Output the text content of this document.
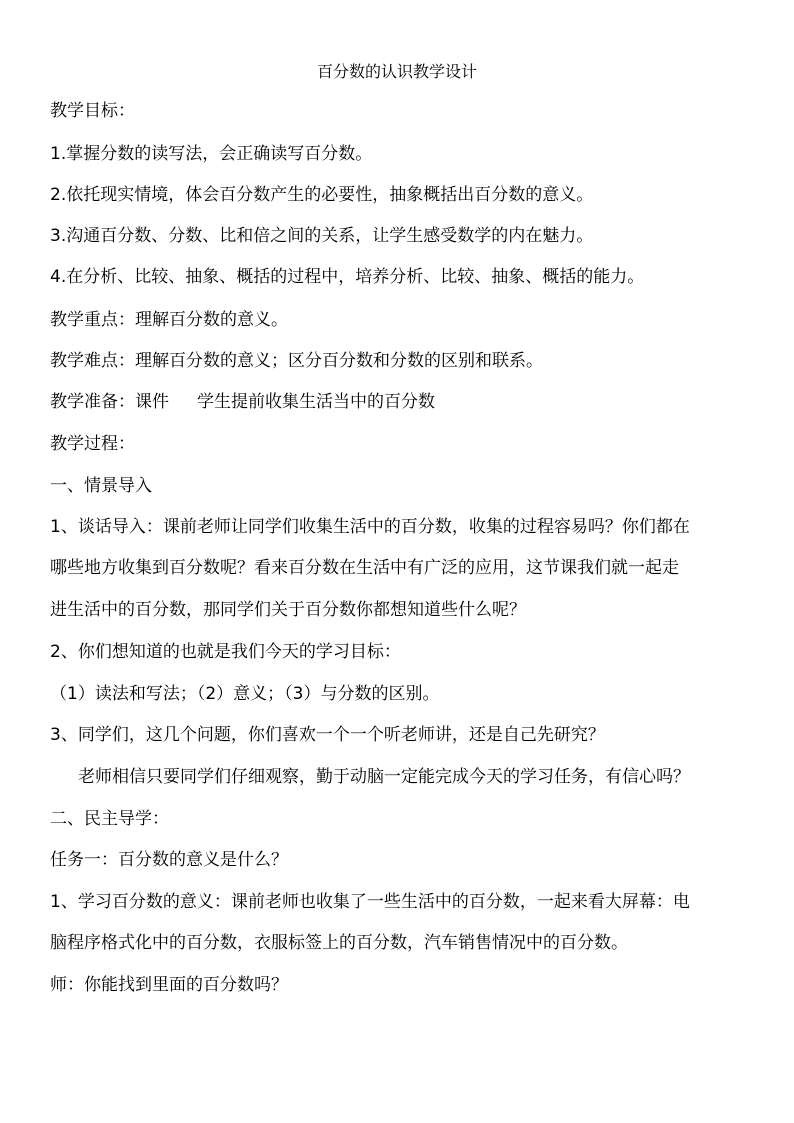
百分数的认识教学设计
教学目标：
1.掌握分数的读写法，会正确读写百分数。
2.依托现实情境，体会百分数产生的必要性，抽象概括出百分数的意义。
3.沟通百分数、分数、比和倍之间的关系，让学生感受数学的内在魅力。
4.在分析、比较、抽象、概括的过程中，培养分析、比较、抽象、概括的能力。
教学重点：理解百分数的意义。
教学难点：理解百分数的意义；区分百分数和分数的区别和联系。
教学准备：课件 学生提前收集生活当中的百分数
教学过程：
一、情景导入
1、谈话导入：课前老师让同学们收集生活中的百分数，收集的过程容易吗？你们都在
哪些地方收集到百分数呢？看来百分数在生活中有广泛的应用，这节课我们就一起走
进生活中的百分数，那同学们关于百分数你都想知道些什么呢？
2、你们想知道的也就是我们今天的学习目标：
（1）读法和写法；（2）意义；（3）与分数的区别。
3、同学们，这几个问题，你们喜欢一个一个听老师讲，还是自己先研究？
老师相信只要同学们仔细观察，勤于动脑一定能完成今天的学习任务，有信心吗？
二、民主导学：
任务一：百分数的意义是什么？
1、学习百分数的意义：课前老师也收集了一些生活中的百分数，一起来看大屏幕：电
脑程序格式化中的百分数，衣服标签上的百分数，汽车销售情况中的百分数。
师：你能找到里面的百分数吗？
